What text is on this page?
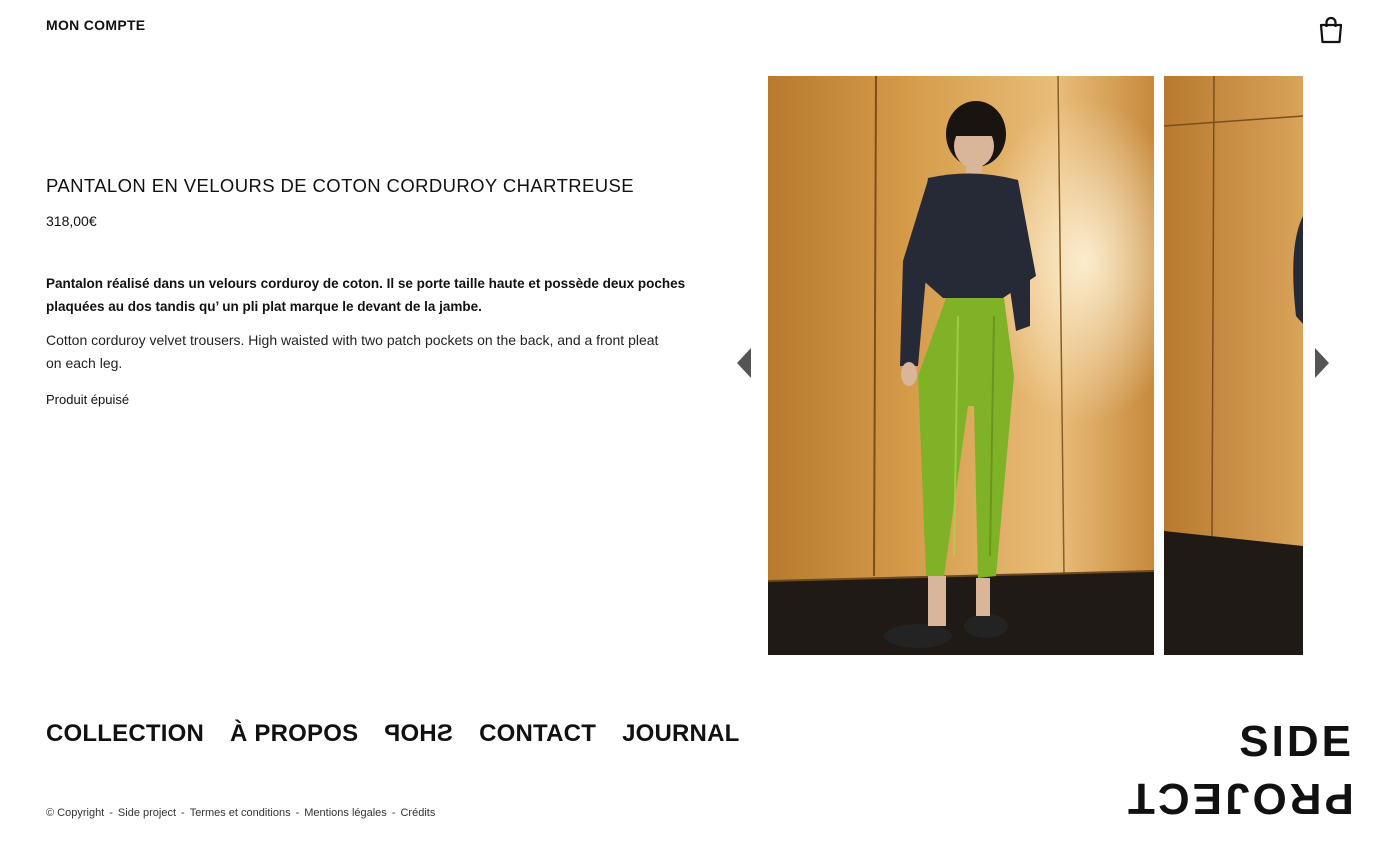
MON COMPTE
PANTALON EN VELOURS DE COTON CORDUROY CHARTREUSE
318,00€

Pantalon réalisé dans un velours corduroy de coton. Il se porte taille haute et possède deux poches plaquées au dos tandis qu’ un pli plat marque le devant de la jambe.

Cotton corduroy velvet trousers. High waisted with two patch pockets on the back, and a front pleat on each leg.

Produit épuisé
COLLECTION À PROPOS SHOP CONTACT JOURNAL
© Copyright - Side project - Termes et conditions - Mentions légales - Crédits
SIDE
PROJECT
